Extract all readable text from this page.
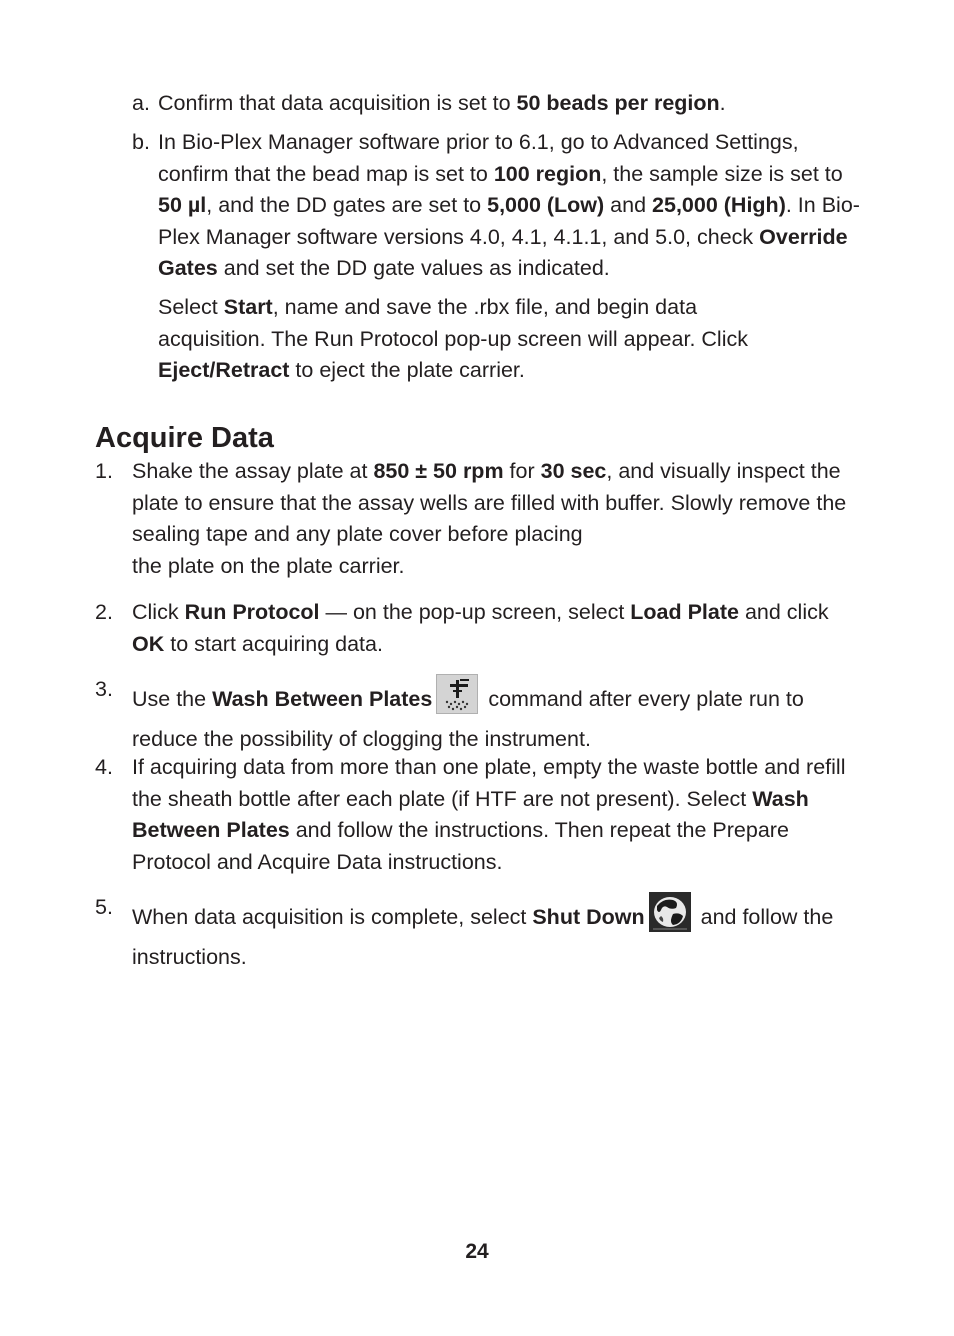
a. Confirm that data acquisition is set to 50 beads per region.
b. In Bio-Plex Manager software prior to 6.1, go to Advanced Settings, confirm that the bead map is set to 100 region, the sample size is set to 50 µl, and the DD gates are set to 5,000 (Low) and 25,000 (High). In Bio-Plex Manager software versions 4.0, 4.1, 4.1.1, and 5.0, check Override Gates and set the DD gate values as indicated.
Select Start, name and save the .rbx file, and begin data acquisition. The Run Protocol pop-up screen will appear. Click Eject/Retract to eject the plate carrier.
Acquire Data
1. Shake the assay plate at 850 ± 50 rpm for 30 sec, and visually inspect the plate to ensure that the assay wells are filled with buffer. Slowly remove the sealing tape and any plate cover before placing
the plate on the plate carrier.
2. Click Run Protocol — on the pop-up screen, select Load Plate and click OK to start acquiring data.
3. Use the Wash Between Plates	command after every plate run to reduce the possibility of clogging the instrument.
4. If acquiring data from more than one plate, empty the waste bottle and refill the sheath bottle after each plate (if HTF are not present). Select Wash Between Plates and follow the instructions. Then repeat the Prepare Protocol and Acquire Data instructions.
5. When data acquisition is complete, select Shut Down	and follow the instructions.
24
